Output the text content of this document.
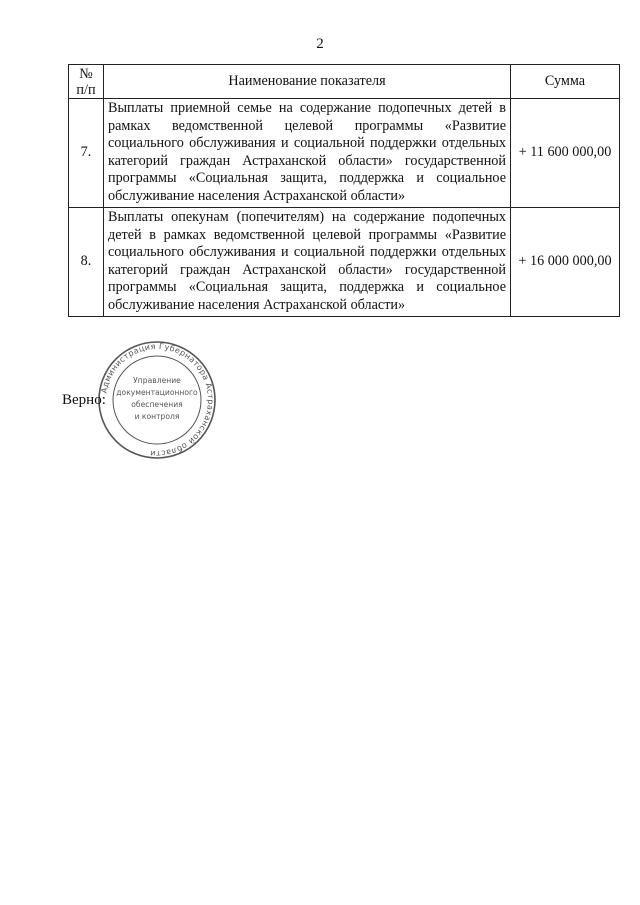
2
№
п/п	Наименование показателя	Сумма
7.	Выплаты приемной семье на содержание подопечных детей в рамках ведомственной целевой программы «Развитие социального обслуживания и социальной поддержки отдельных категорий граждан Астраханской области» государственной программы «Социальная защита, поддержка и социальное обслуживание населения Астраханской области»	+ 11 600 000,00
8.	Выплаты опекунам (попечителям) на содержание подопечных детей в рамках ведомственной целевой программы «Развитие социального обслуживания и социальной поддержки отдельных категорий граждан Астраханской области» государственной программы «Социальная защита, поддержка и социальное обслуживание населения Астраханской области»	+ 16 000 000,00
Администрация Губернатора Астраханской области
Управление
документационного
обеспечения
и контроля
Верно:
